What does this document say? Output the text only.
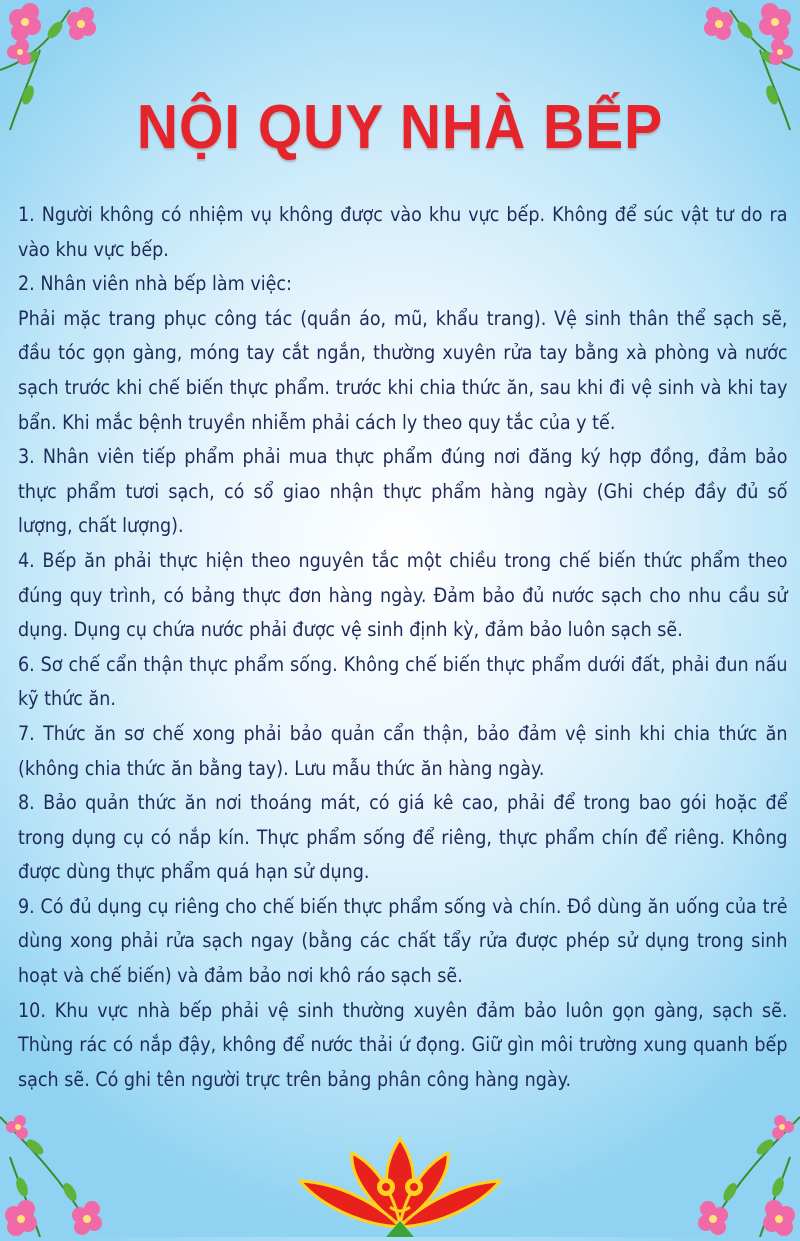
NỘI QUY NHÀ BẾP

1. Người không có nhiệm vụ không được vào khu vực bếp. Không để súc vật tư do ra vào khu vực bếp.

2. Nhân viên nhà bếp làm việc:

Phải mặc trang phục công tác (quần áo, mũ, khẩu trang). Vệ sinh thân thể sạch sẽ, đầu tóc gọn gàng, móng tay cắt ngắn, thường xuyên rửa tay bằng xà phòng và nước sạch trước khi chế biến thực phẩm. trước khi chia thức ăn, sau khi đi vệ sinh và khi tay bẩn. Khi mắc bệnh truyền nhiễm phải cách ly theo quy tắc của y tế.

3. Nhân viên tiếp phẩm phải mua thực phẩm đúng nơi đăng ký hợp đồng, đảm bảo thực phẩm tươi sạch, có sổ giao nhận thực phẩm hàng ngày (Ghi chép đầy đủ số lượng, chất lượng).

4. Bếp ăn phải thực hiện theo nguyên tắc một chiều trong chế biến thức phẩm theo đúng quy trình, có bảng thực đơn hàng ngày. Đảm bảo đủ nước sạch cho nhu cầu sử dụng. Dụng cụ chứa nước phải được vệ sinh định kỳ, đảm bảo luôn sạch sẽ.

6. Sơ chế cẩn thận thực phẩm sống. Không chế biến thực phẩm dưới đất, phải đun nấu kỹ thức ăn.

7. Thức ăn sơ chế xong phải bảo quản cẩn thận, bảo đảm vệ sinh khi chia thức ăn (không chia thức ăn bằng tay). Lưu mẫu thức ăn hàng ngày.

8. Bảo quản thức ăn nơi thoáng mát, có giá kê cao, phải để trong bao gói hoặc để trong dụng cụ có nắp kín. Thực phẩm sống để riêng, thực phẩm chín để riêng. Không được dùng thực phẩm quá hạn sử dụng.

9. Có đủ dụng cụ riêng cho chế biến thực phẩm sống và chín. Đồ dùng ăn uống của trẻ dùng xong phải rửa sạch ngay (bằng các chất tẩy rửa được phép sử dụng trong sinh hoạt và chế biến) và đảm bảo nơi khô ráo sạch sẽ.

10. Khu vực nhà bếp phải vệ sinh thường xuyên đảm bảo luôn gọn gàng, sạch sẽ. Thùng rác có nắp đậy, không để nước thải ứ đọng. Giữ gìn môi trường xung quanh bếp sạch sẽ. Có ghi tên người trực trên bảng phân công hàng ngày.
